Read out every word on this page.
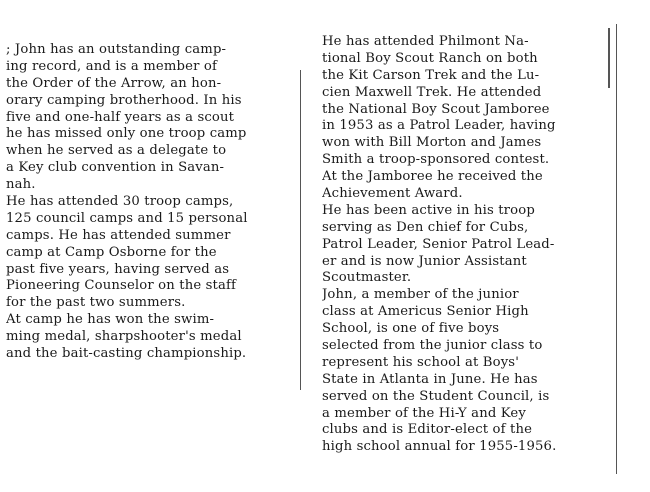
; John has an outstanding camp-
ing record, and is a member of
the Order of the Arrow, an hon-
orary camping brotherhood. In his
five and one-half years as a scout
he has missed only one troop camp
when he served as a delegate to
a Key club convention in Savan-
nah.
He has attended 30 troop camps,
125 council camps and 15 personal
camps. He has attended summer
camp at Camp Osborne for the
past five years, having served as
Pioneering Counselor on the staff
for the past two summers.
At camp he has won the swim-
ming medal, sharpshooter's medal
and the bait-casting championship.
He has attended Philmont Na-
tional Boy Scout Ranch on both
the Kit Carson Trek and the Lu-
cien Maxwell Trek. He attended
the National Boy Scout Jamboree
in 1953 as a Patrol Leader, having
won with Bill Morton and James
Smith a troop-sponsored contest.
At the Jamboree he received the
Achievement Award.
He has been active in his troop
serving as Den chief for Cubs,
Patrol Leader, Senior Patrol Lead-
er and is now Junior Assistant
Scoutmaster.
John, a member of the junior
class at Americus Senior High
School, is one of five boys
selected from the junior class to
represent his school at Boys'
State in Atlanta in June. He has
served on the Student Council, is
a member of the Hi-Y and Key
clubs and is Editor-elect of the
high school annual for 1955-1956.
